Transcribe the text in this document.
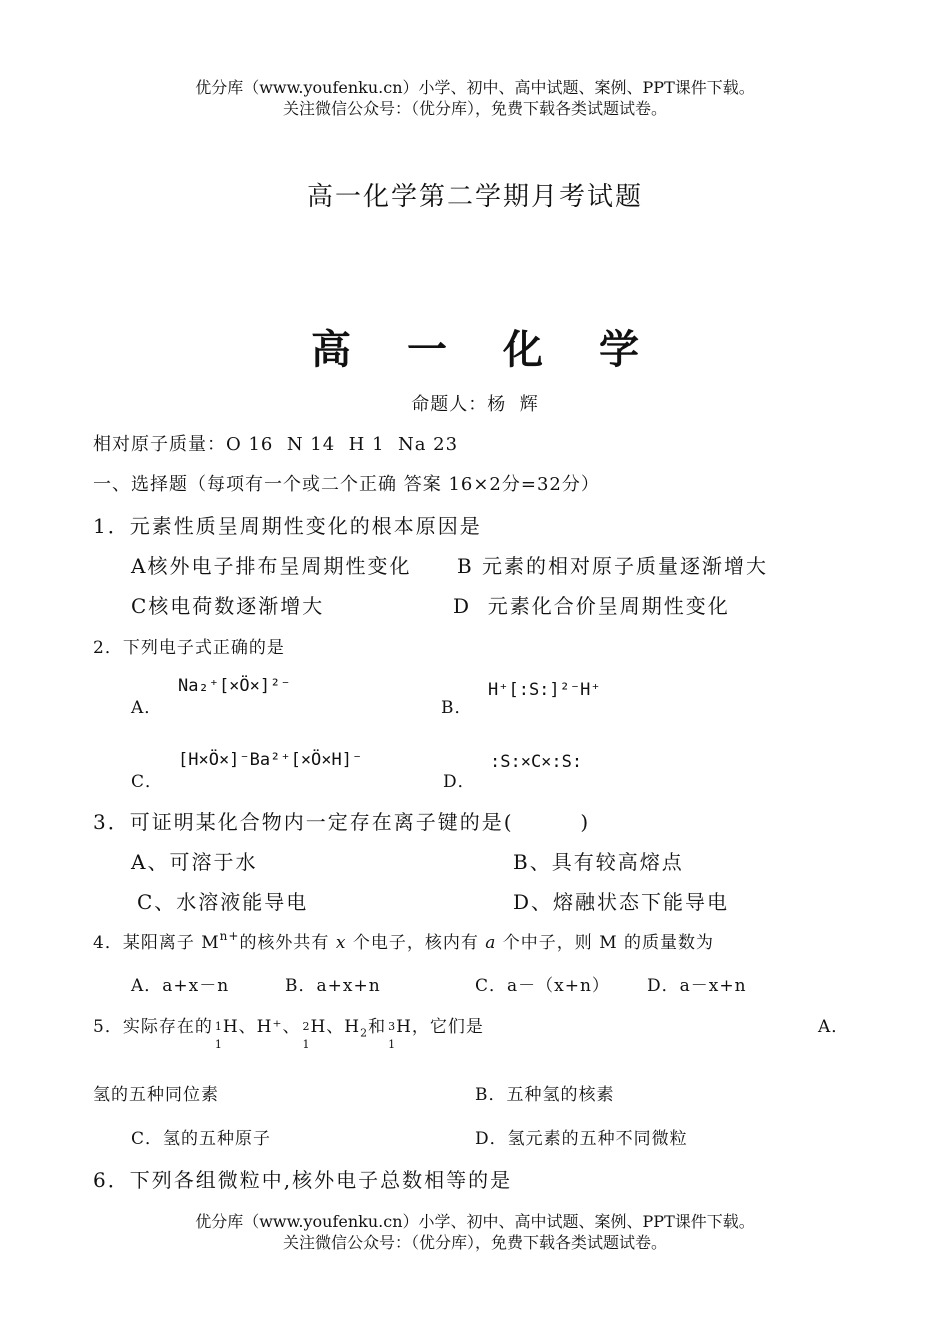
优分库（www.youfenku.cn）小学、初中、高中试题、案例、PPT课件下载。
关注微信公众号：（优分库），免费下载各类试题试卷。
高一化学第二学期月考试题
高 一 化 学
命题人：杨  辉
相对原子质量：O 16  N 14  H 1  Na 23
一、选择题（每项有一个或二个正确 答案 16×2分=32分）
1．元素性质呈周期性变化的根本原因是
A核外电子排布呈周期性变化 B 元素的相对原子质量逐渐增大
C核电荷数逐渐增大	D  元素化合价呈周期性变化
2．下列电子式正确的是
A．
Na₂⁺[×Ö×]²⁻
B．
H⁺[:S:]²⁻H⁺
C．
[H×Ö×]⁻Ba²⁺[×Ö×H]⁻
D．
:S:×C×:S:
3．可证明某化合物内一定存在离子键的是(        )
A、可溶于水	B、具有较高熔点
C、水溶液能导电	D、熔融状态下能导电
4．某阳离子 $M^{n+}$的核外共有 x 个电子，核内有 a 个中子，则 M 的质量数为
A．a+x－n	B．a+x+n	C．a－（x+n） D．a－x+n
5．实际存在的 1
1
H、H⁺、 2
1
H、$H_2$和 3
1
H，它们是	A．
氢的五种同位素	B．五种氢的核素
C．氢的五种原子	D．氢元素的五种不同微粒
6．下列各组微粒中,核外电子总数相等的是
优分库（www.youfenku.cn）小学、初中、高中试题、案例、PPT课件下载。
关注微信公众号：（优分库），免费下载各类试题试卷。
